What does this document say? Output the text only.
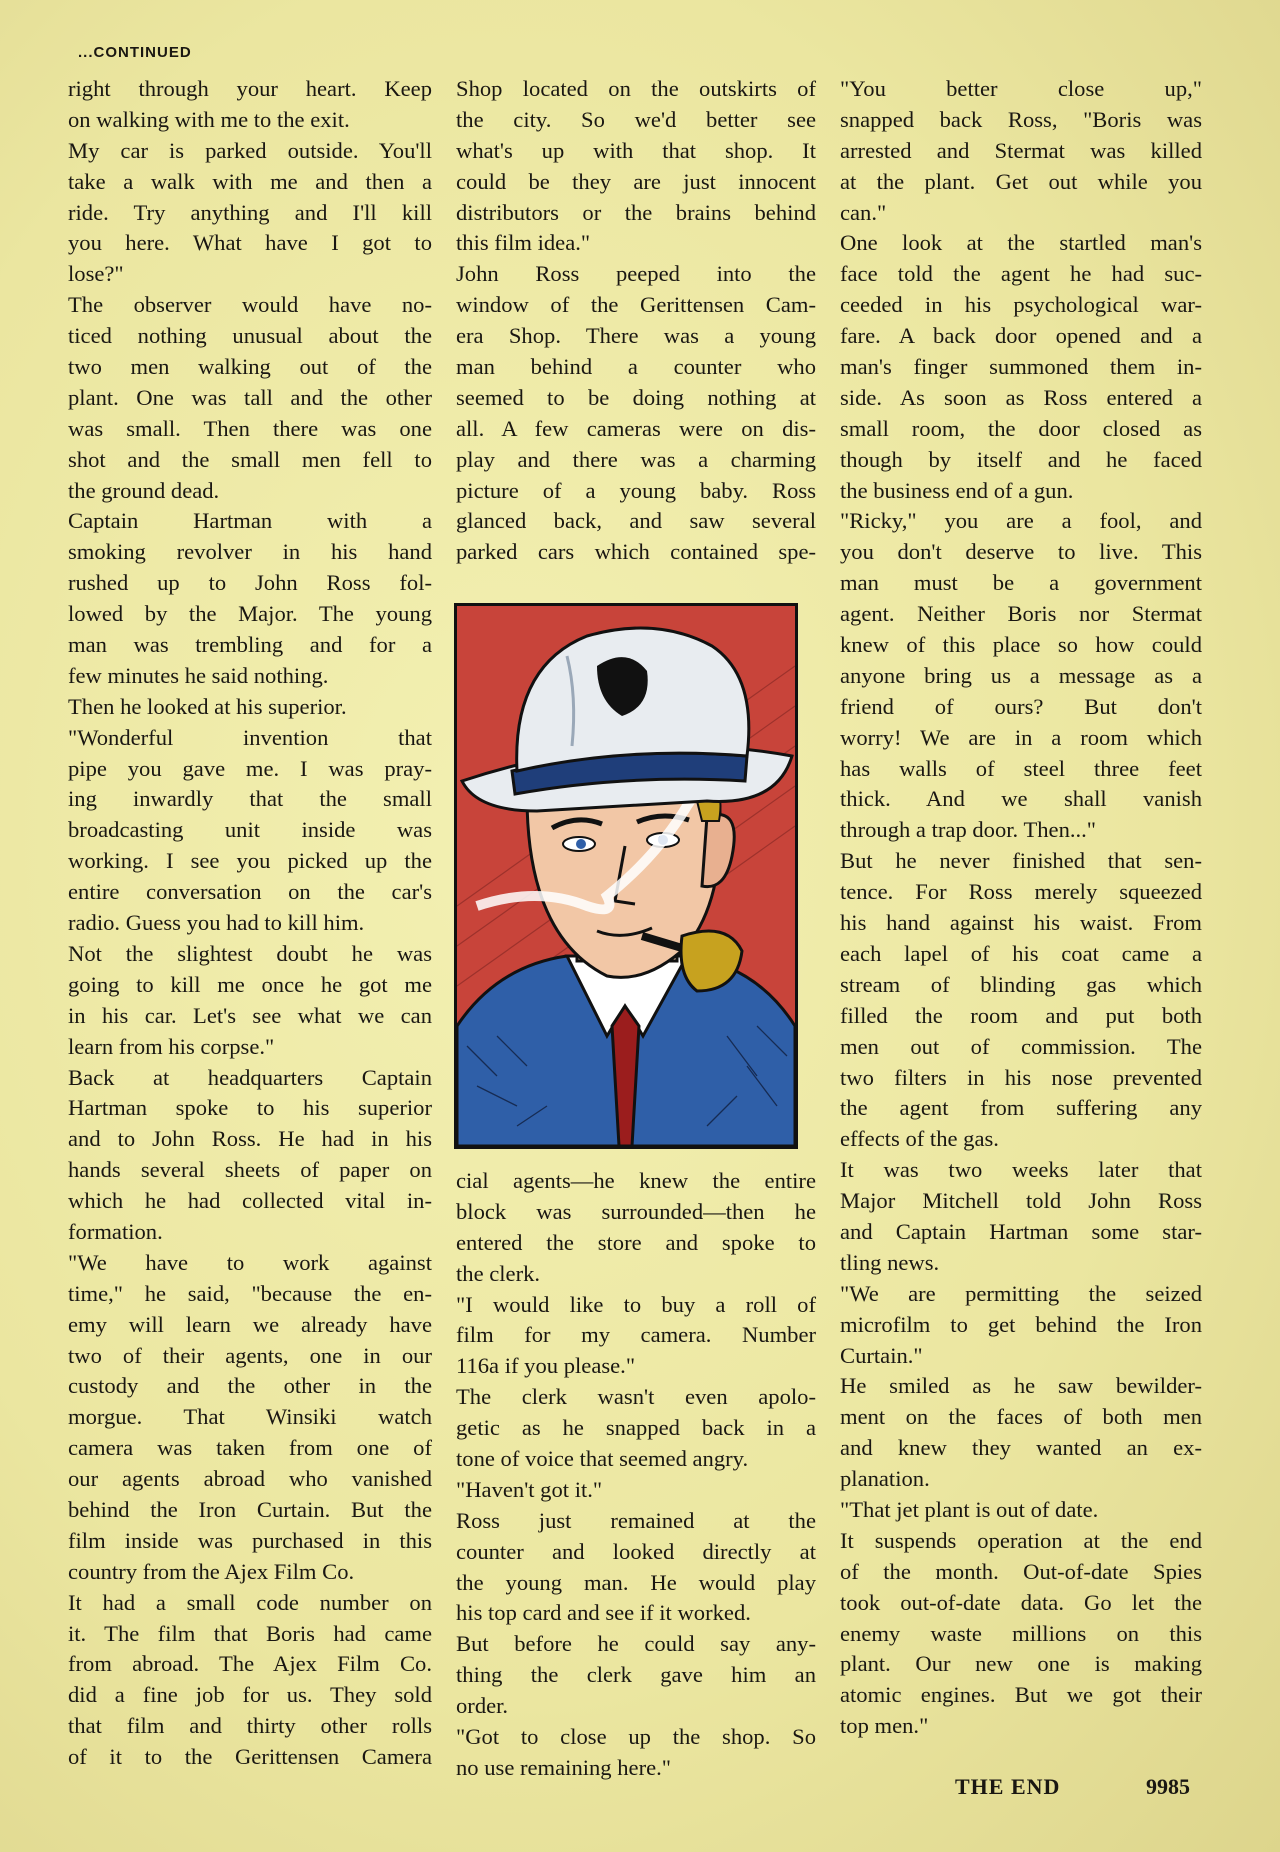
...CONTINUED
right through your heart. Keep
on walking with me to the exit.
My car is parked outside. You'll
take a walk with me and then a
ride. Try anything and I'll kill
you here. What have I got to
lose?"
The observer would have no-
ticed nothing unusual about the
two men walking out of the
plant. One was tall and the other
was small. Then there was one
shot and the small men fell to
the ground dead.
Captain Hartman with a
smoking revolver in his hand
rushed up to John Ross fol-
lowed by the Major. The young
man was trembling and for a
few minutes he said nothing.
Then he looked at his superior.
"Wonderful invention that
pipe you gave me. I was pray-
ing inwardly that the small
broadcasting unit inside was
working. I see you picked up the
entire conversation on the car's
radio. Guess you had to kill him.
Not the slightest doubt he was
going to kill me once he got me
in his car. Let's see what we can
learn from his corpse."
Back at headquarters Captain
Hartman spoke to his superior
and to John Ross. He had in his
hands several sheets of paper on
which he had collected vital in-
formation.
"We have to work against
time," he said, "because the en-
emy will learn we already have
two of their agents, one in our
custody and the other in the
morgue. That Winsiki watch
camera was taken from one of
our agents abroad who vanished
behind the Iron Curtain. But the
film inside was purchased in this
country from the Ajex Film Co.
It had a small code number on
it. The film that Boris had came
from abroad. The Ajex Film Co.
did a fine job for us. They sold
that film and thirty other rolls
of it to the Gerittensen Camera
Shop located on the outskirts of
the city. So we'd better see
what's up with that shop. It
could be they are just innocent
distributors or the brains behind
this film idea."
John Ross peeped into the
window of the Gerittensen Cam-
era Shop. There was a young
man behind a counter who
seemed to be doing nothing at
all. A few cameras were on dis-
play and there was a charming
picture of a young baby. Ross
glanced back, and saw several
parked cars which contained spe-
cial agents—he knew the entire
block was surrounded—then he
entered the store and spoke to
the clerk.
"I would like to buy a roll of
film for my camera. Number
116a if you please."
The clerk wasn't even apolo-
getic as he snapped back in a
tone of voice that seemed angry.
"Haven't got it."
Ross just remained at the
counter and looked directly at
the young man. He would play
his top card and see if it worked.
But before he could say any-
thing the clerk gave him an
order.
"Got to close up the shop. So
no use remaining here."
"You better close up,"
snapped back Ross, "Boris was
arrested and Stermat was killed
at the plant. Get out while you
can."
One look at the startled man's
face told the agent he had suc-
ceeded in his psychological war-
fare. A back door opened and a
man's finger summoned them in-
side. As soon as Ross entered a
small room, the door closed as
though by itself and he faced
the business end of a gun.
"Ricky," you are a fool, and
you don't deserve to live. This
man must be a government
agent. Neither Boris nor Stermat
knew of this place so how could
anyone bring us a message as a
friend of ours? But don't
worry! We are in a room which
has walls of steel three feet
thick. And we shall vanish
through a trap door. Then..."
But he never finished that sen-
tence. For Ross merely squeezed
his hand against his waist. From
each lapel of his coat came a
stream of blinding gas which
filled the room and put both
men out of commission. The
two filters in his nose prevented
the agent from suffering any
effects of the gas.
It was two weeks later that
Major Mitchell told John Ross
and Captain Hartman some star-
tling news.
"We are permitting the seized
microfilm to get behind the Iron
Curtain."
He smiled as he saw bewilder-
ment on the faces of both men
and knew they wanted an ex-
planation.
"That jet plant is out of date.
It suspends operation at the end
of the month. Out-of-date Spies
took out-of-date data. Go let the
enemy waste millions on this
plant. Our new one is making
atomic engines. But we got their
top men."
THE END	9985
